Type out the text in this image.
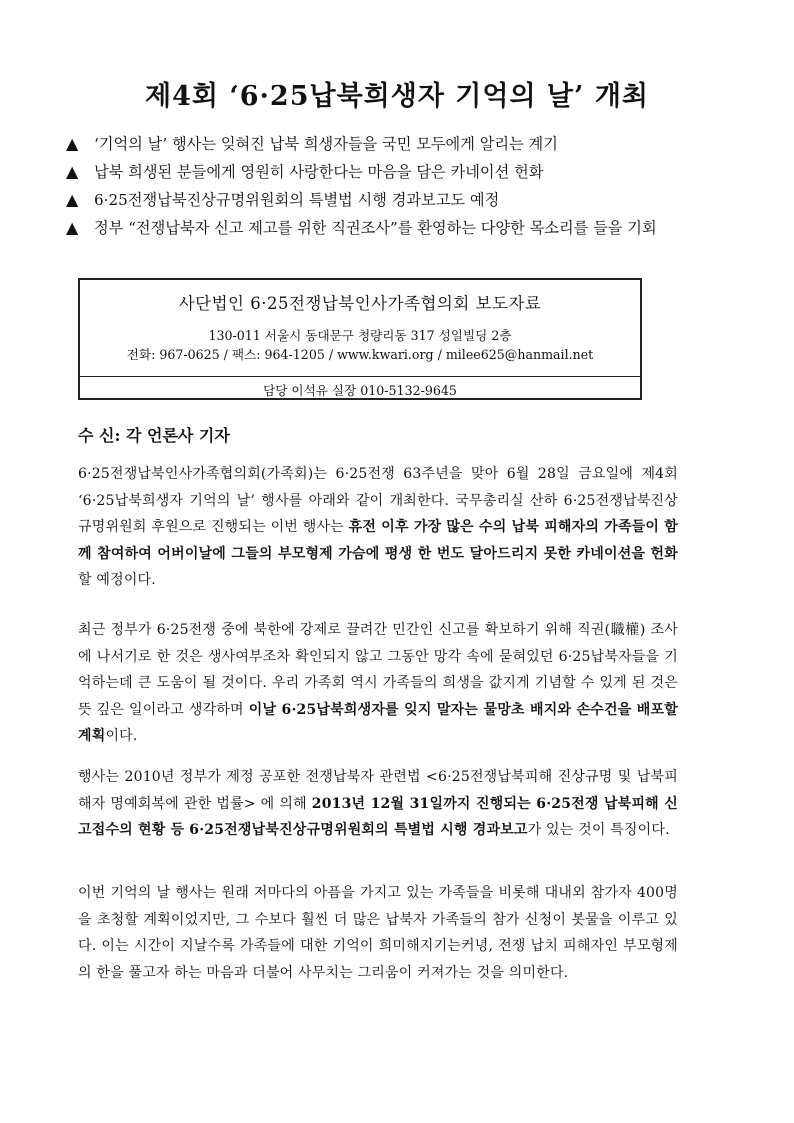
제4회 ‘6·25납북희생자 기억의 날’ 개최
▲ ‘기억의 날’ 행사는 잊혀진 납북 희생자들을 국민 모두에게 알리는 계기
▲ 납북 희생된 분들에게 영원히 사랑한다는 마음을 담은 카네이션 헌화
▲ 6·25전쟁납북진상규명위원회의 특별법 시행 경과보고도 예정
▲ 정부 “전쟁납북자 신고 제고를 위한 직권조사”를 환영하는 다양한 목소리를 들을 기회
사단법인 6·25전쟁납북인사가족협의회 보도자료
130-011 서울시 동대문구 청량리동 317 성일빌딩 2층
전화: 967-0625 / 팩스: 964-1205 / www.kwari.org / milee625@hanmail.net
담당 이석유 실장 010-5132-9645

수 신: 각 언론사 기자

6·25전쟁납북인사가족협의회(가족회)는 6·25전쟁 63주년을 맞아 6월 28일 금요일에 제4회 ‘6·25납북희생자 기억의 날’ 행사를 아래와 같이 개최한다. 국무총리실 산하 6·25전쟁납북진상규명위원회 후원으로 진행되는 이번 행사는 휴전 이후 가장 많은 수의 납북 피해자의 가족들이 함께 참여하여 어버이날에 그들의 부모형제 가슴에 평생 한 번도 달아드리지 못한 카네이션을 헌화할 예정이다.

최근 정부가 6·25전쟁 중에 북한에 강제로 끌려간 민간인 신고를 확보하기 위해 직권(職權) 조사에 나서기로 한 것은 생사여부조차 확인되지 않고 그동안 망각 속에 묻혀있던 6·25납북자들을 기억하는데 큰 도움이 될 것이다. 우리 가족회 역시 가족들의 희생을 값지게 기념할 수 있게 된 것은 뜻 깊은 일이라고 생각하며 이날 6·25납북희생자를 잊지 말자는 물망초 배지와 손수건을 배포할 계획이다.

행사는 2010년 정부가 제정 공포한 전쟁납북자 관련법 <6·25전쟁납북피해 진상규명 및 납북피해자 명예회복에 관한 법률> 에 의해 2013년 12월 31일까지 진행되는 6·25전쟁 납북피해 신고접수의 현황 등 6·25전쟁납북진상규명위원회의 특별법 시행 경과보고가 있는 것이 특징이다.

이번 기억의 날 행사는 원래 저마다의 아픔을 가지고 있는 가족들을 비롯해 대내외 참가자 400명을 초청할 계획이었지만, 그 수보다 훨씬 더 많은 납북자 가족들의 참가 신청이 봇물을 이루고 있다. 이는 시간이 지날수록 가족들에 대한 기억이 희미해지기는커녕, 전쟁 납치 피해자인 부모형제의 한을 풀고자 하는 마음과 더불어 사무치는 그리움이 커져가는 것을 의미한다.
